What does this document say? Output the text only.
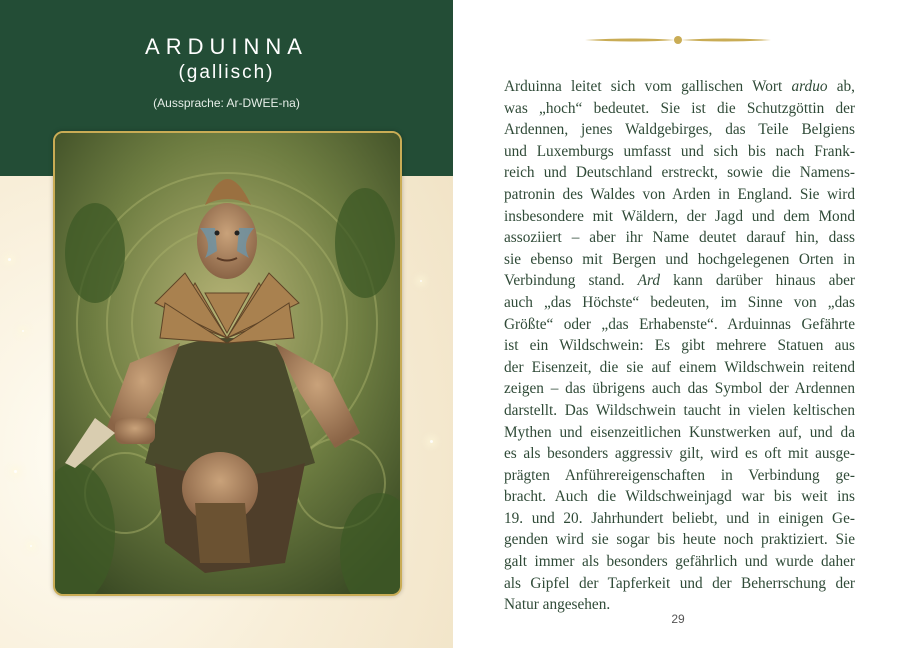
ARDUINNA
(gallisch)
(Aussprache: Ar-DWEE-na)
Arduinna leitet sich vom gallischen Wort arduo ab,
was „hoch“ bedeutet. Sie ist die Schutzgöttin der
Ardennen, jenes Waldgebirges, das Teile Belgiens
und Luxemburgs umfasst und sich bis nach Frank-
reich und Deutschland erstreckt, sowie die Namens-
patronin des Waldes von Arden in England. Sie wird
insbesondere mit Wäldern, der Jagd und dem Mond
assoziiert – aber ihr Name deutet darauf hin, dass
sie ebenso mit Bergen und hochgelegenen Orten in
Verbindung stand. Ard kann darüber hinaus aber
auch „das Höchste“ bedeuten, im Sinne von „das
Größte“ oder „das Erhabenste“. Arduinnas Gefährte
ist ein Wildschwein: Es gibt mehrere Statuen aus
der Eisenzeit, die sie auf einem Wildschwein reitend
zeigen – das übrigens auch das Symbol der Ardennen
darstellt. Das Wildschwein taucht in vielen keltischen
Mythen und eisenzeitlichen Kunstwerken auf, und da
es als besonders aggressiv gilt, wird es oft mit ausge-
prägten Anführereigenschaften in Verbindung ge-
bracht. Auch die Wildschweinjagd war bis weit ins
19. und 20. Jahrhundert beliebt, und in einigen Ge-
genden wird sie sogar bis heute noch praktiziert. Sie
galt immer als besonders gefährlich und wurde daher
als Gipfel der Tapferkeit und der Beherrschung der
Natur angesehen.
29
